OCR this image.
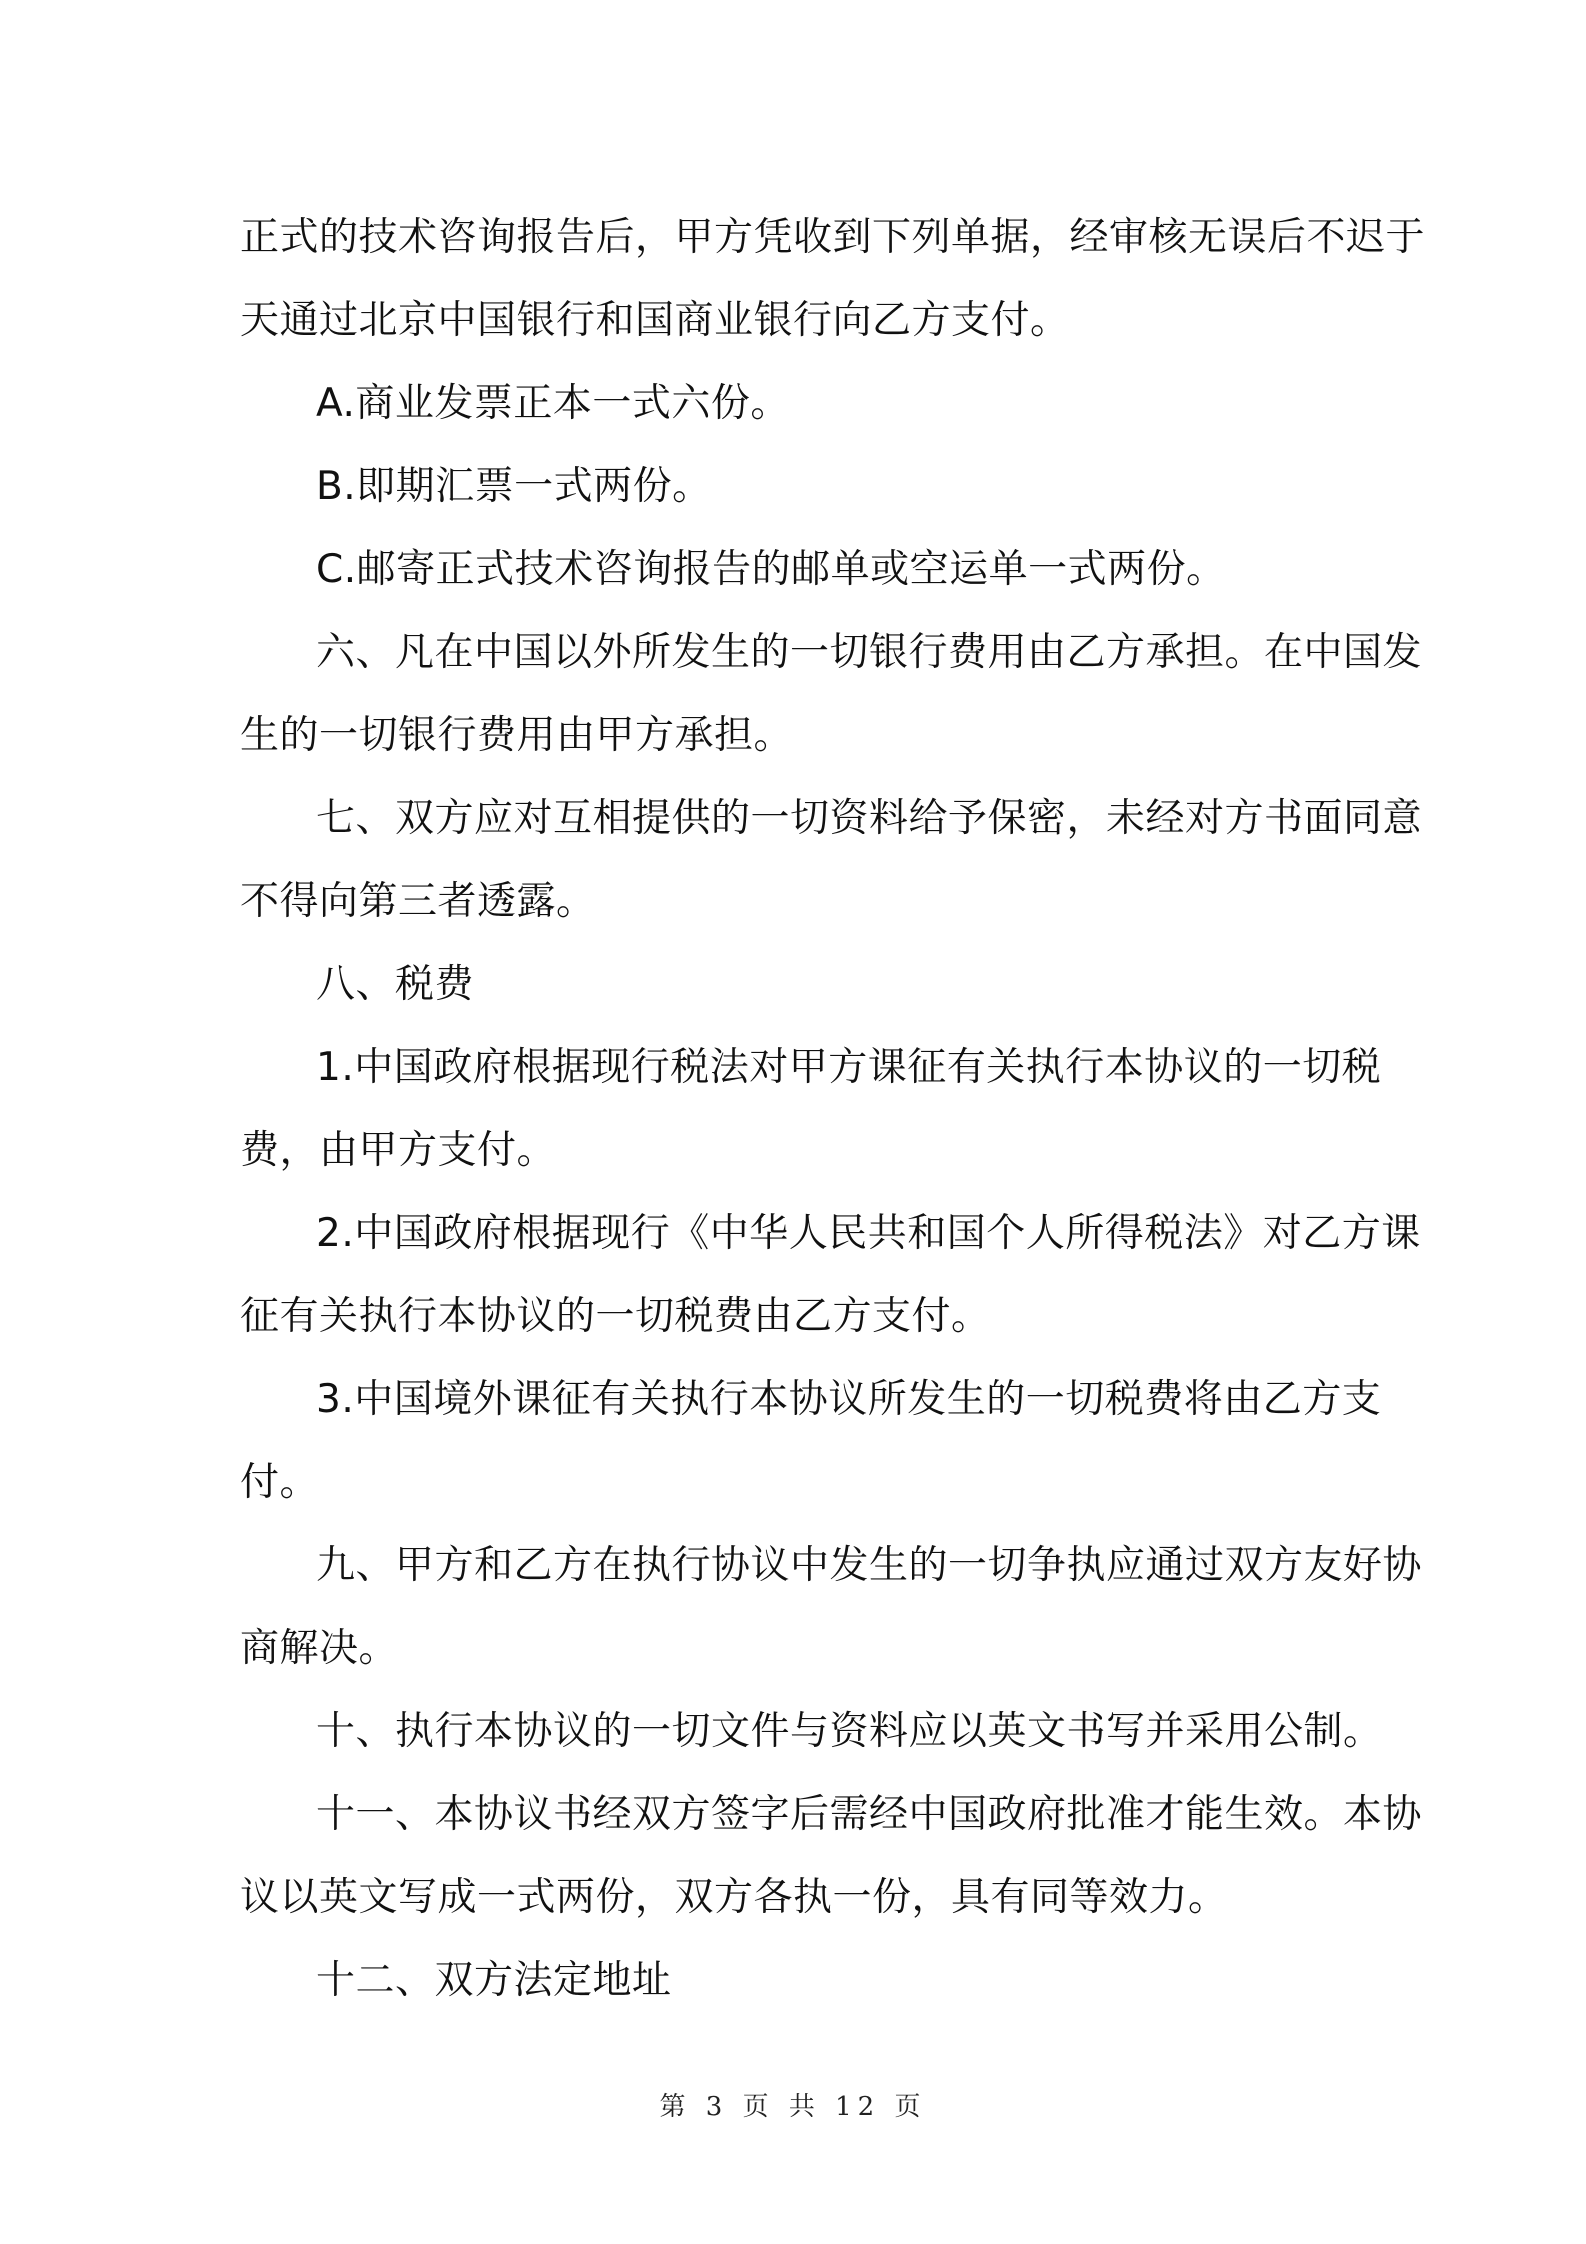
正式的技术咨询报告后，甲方凭收到下列单据，经审核无误后不迟于
天通过北京中国银行和国商业银行向乙方支付。
A.商业发票正本一式六份。
B.即期汇票一式两份。
C.邮寄正式技术咨询报告的邮单或空运单一式两份。
六、凡在中国以外所发生的一切银行费用由乙方承担。在中国发
生的一切银行费用由甲方承担。
七、双方应对互相提供的一切资料给予保密，未经对方书面同意
不得向第三者透露。
八、税费
1.中国政府根据现行税法对甲方课征有关执行本协议的一切税
费，由甲方支付。
2.中国政府根据现行《中华人民共和国个人所得税法》对乙方课
征有关执行本协议的一切税费由乙方支付。
3.中国境外课征有关执行本协议所发生的一切税费将由乙方支
付。
九、甲方和乙方在执行协议中发生的一切争执应通过双方友好协
商解决。
十、执行本协议的一切文件与资料应以英文书写并采用公制。
十一、本协议书经双方签字后需经中国政府批准才能生效。本协
议以英文写成一式两份，双方各执一份，具有同等效力。
十二、双方法定地址
第 3 页 共 12 页
